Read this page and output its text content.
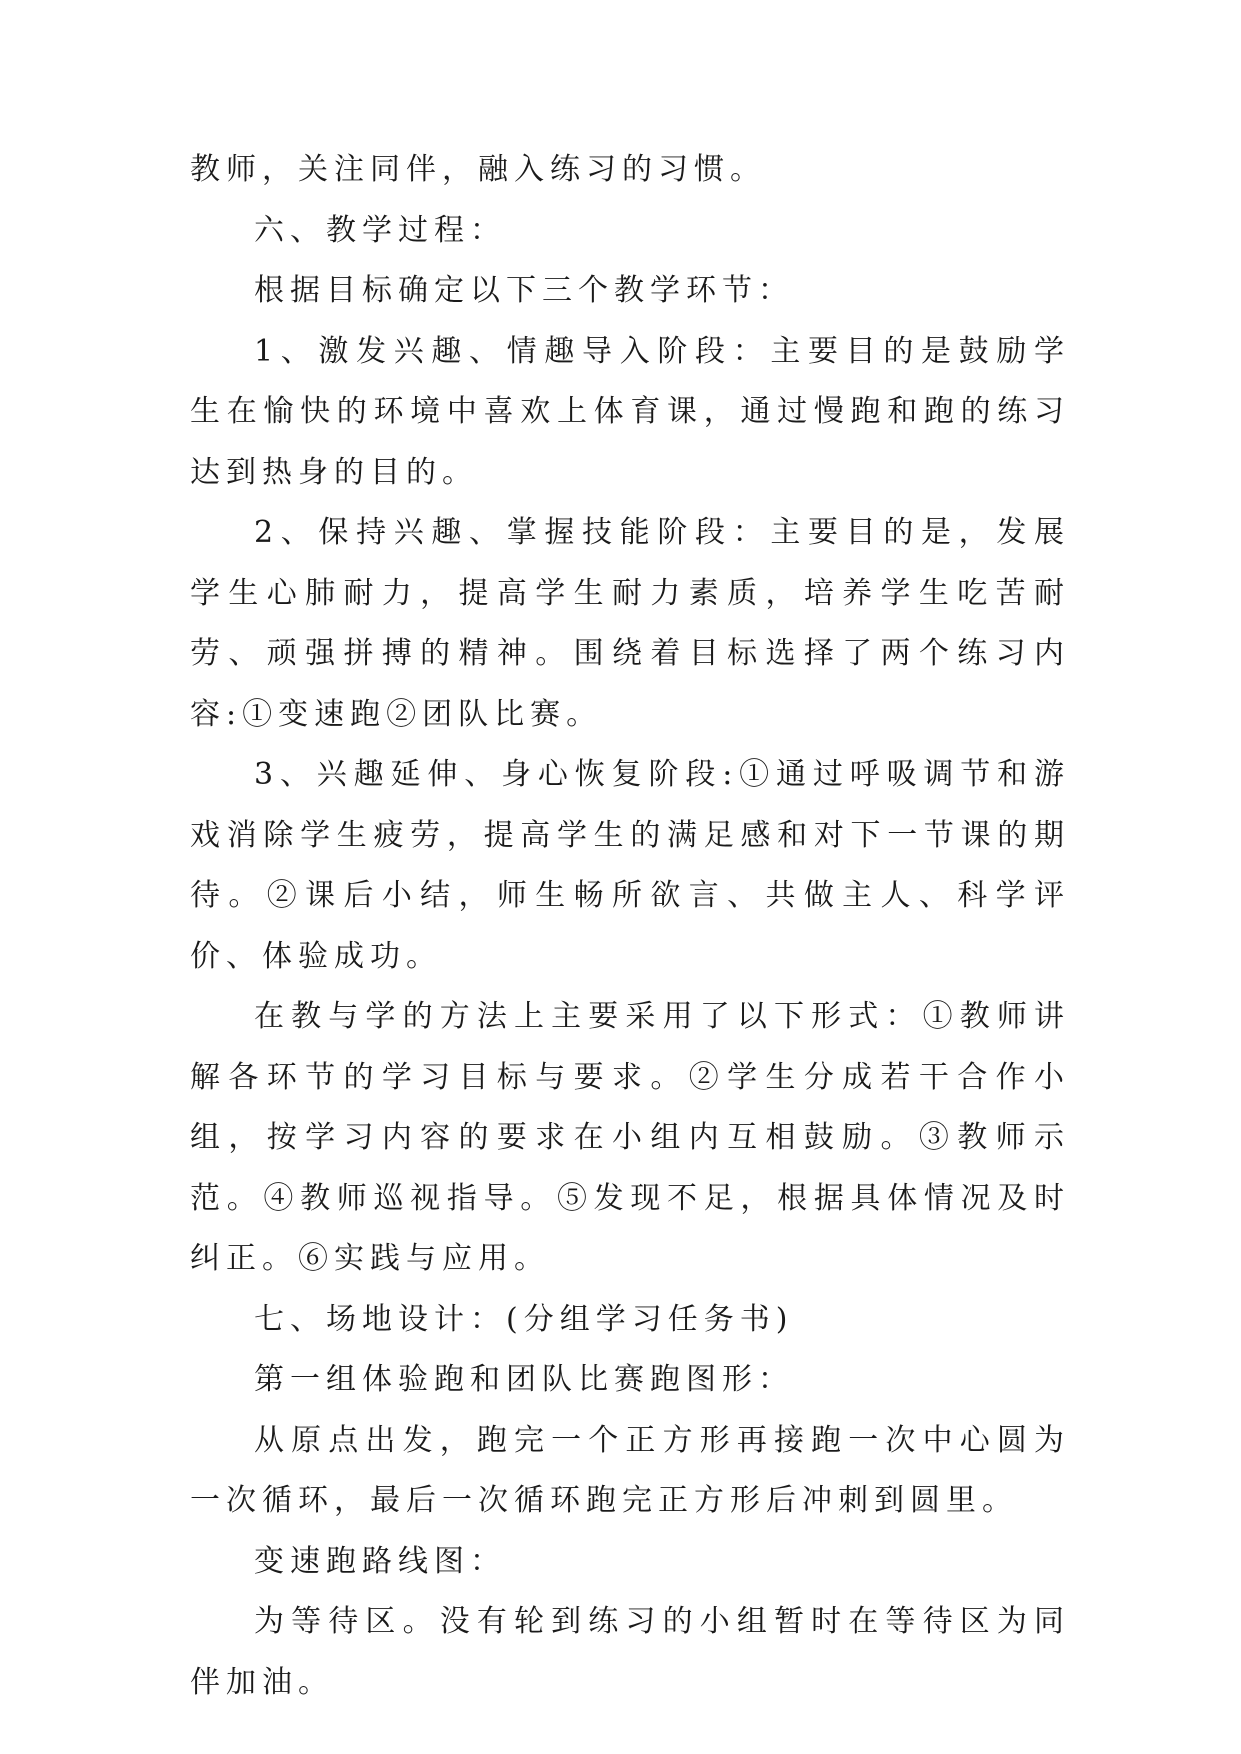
教师，关注同伴，融入练习的习惯。

六、教学过程：

根据目标确定以下三个教学环节：

1、激发兴趣、情趣导入阶段：主要目的是鼓励学生在愉快的环境中喜欢上体育课，通过慢跑和跑的练习达到热身的目的。

2、保持兴趣、掌握技能阶段：主要目的是，发展学生心肺耐力，提高学生耐力素质，培养学生吃苦耐劳、顽强拼搏的精神。围绕着目标选择了两个练习内容:①变速跑②团队比赛。

3、兴趣延伸、身心恢复阶段:①通过呼吸调节和游戏消除学生疲劳，提高学生的满足感和对下一节课的期待。②课后小结，师生畅所欲言、共做主人、科学评价、体验成功。

在教与学的方法上主要采用了以下形式：①教师讲解各环节的学习目标与要求。②学生分成若干合作小组，按学习内容的要求在小组内互相鼓励。③教师示范。④教师巡视指导。⑤发现不足，根据具体情况及时纠正。⑥实践与应用。

七、场地设计：(分组学习任务书)

第一组体验跑和团队比赛跑图形：

从原点出发，跑完一个正方形再接跑一次中心圆为一次循环，最后一次循环跑完正方形后冲刺到圆里。

变速跑路线图：

为等待区。没有轮到练习的小组暂时在等待区为同伴加油。
